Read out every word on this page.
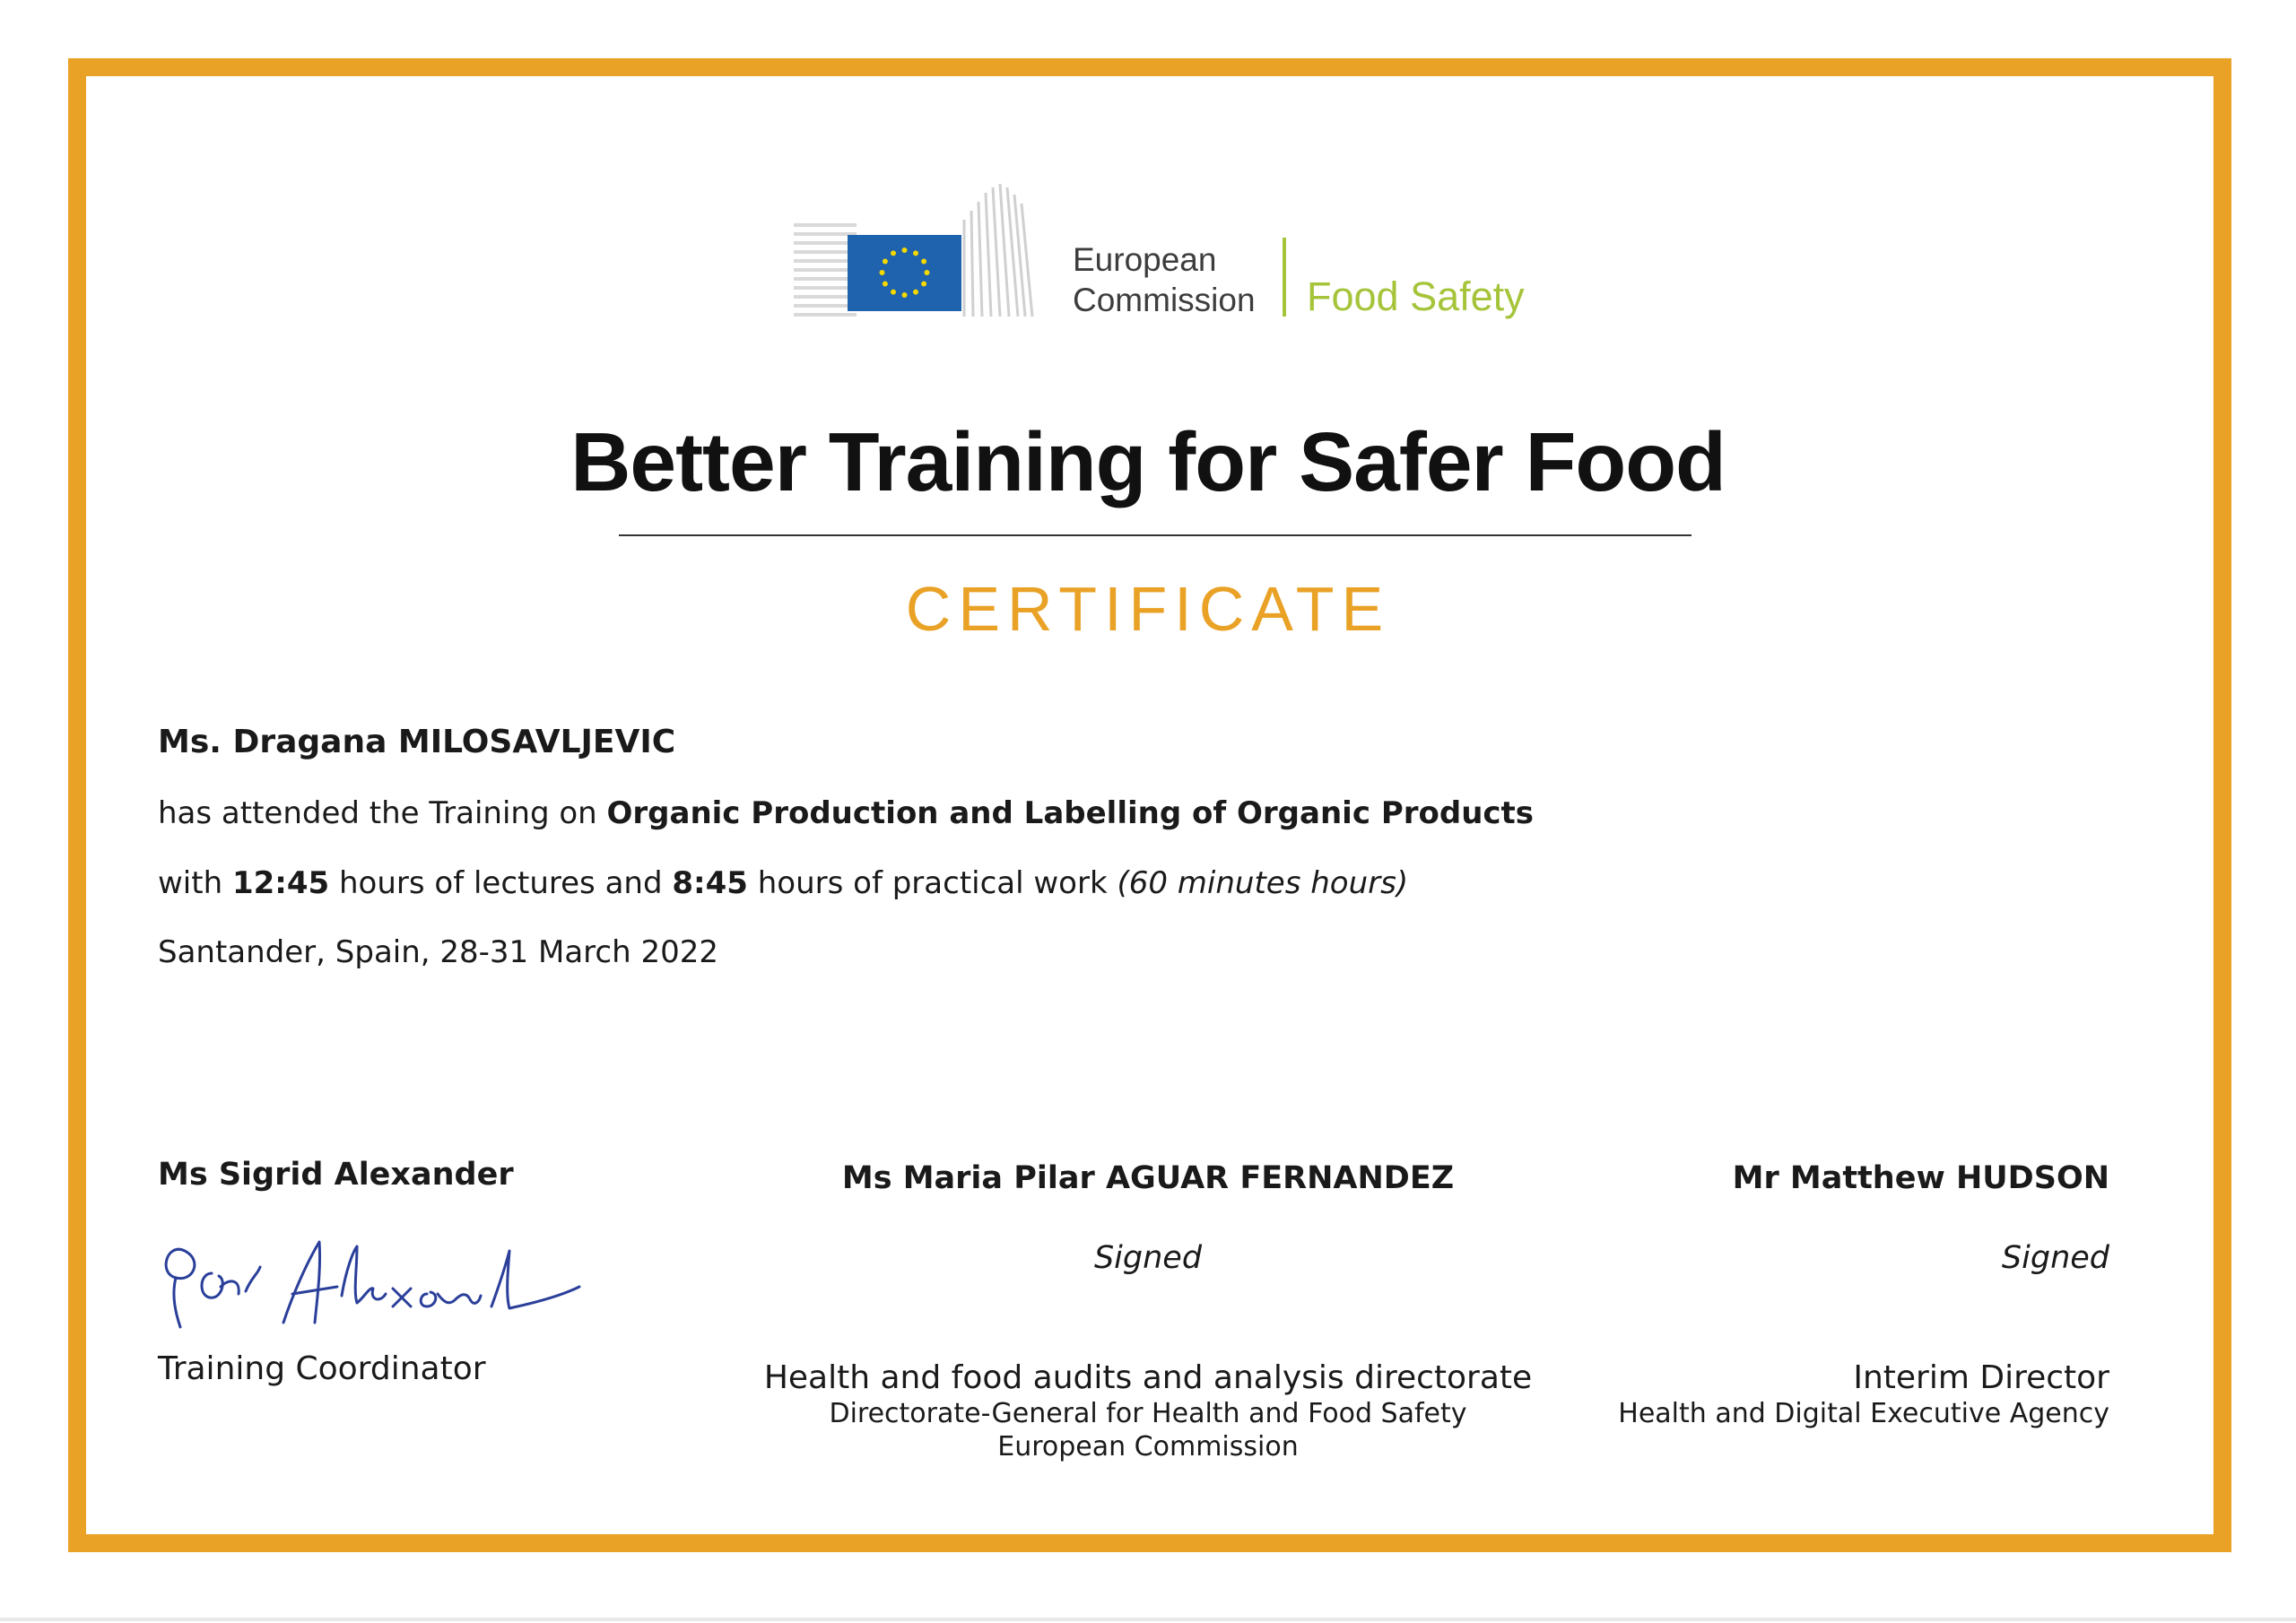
European
Commission Food Safety
Better Training for Safer Food
CERTIFICATE
Ms. Dragana MILOSAVLJEVIC
has attended the Training on Organic Production and Labelling of Organic Products
with 12:45 hours of lectures and 8:45 hours of practical work (60 minutes hours)
Santander, Spain, 28-31 March 2022
Ms Sigrid Alexander
Training Coordinator
Ms Maria Pilar AGUAR FERNANDEZ
Signed
Health and food audits and analysis directorate
Directorate-General for Health and Food Safety
European Commission
Mr Matthew HUDSON
Signed
Interim Director
Health and Digital Executive Agency
